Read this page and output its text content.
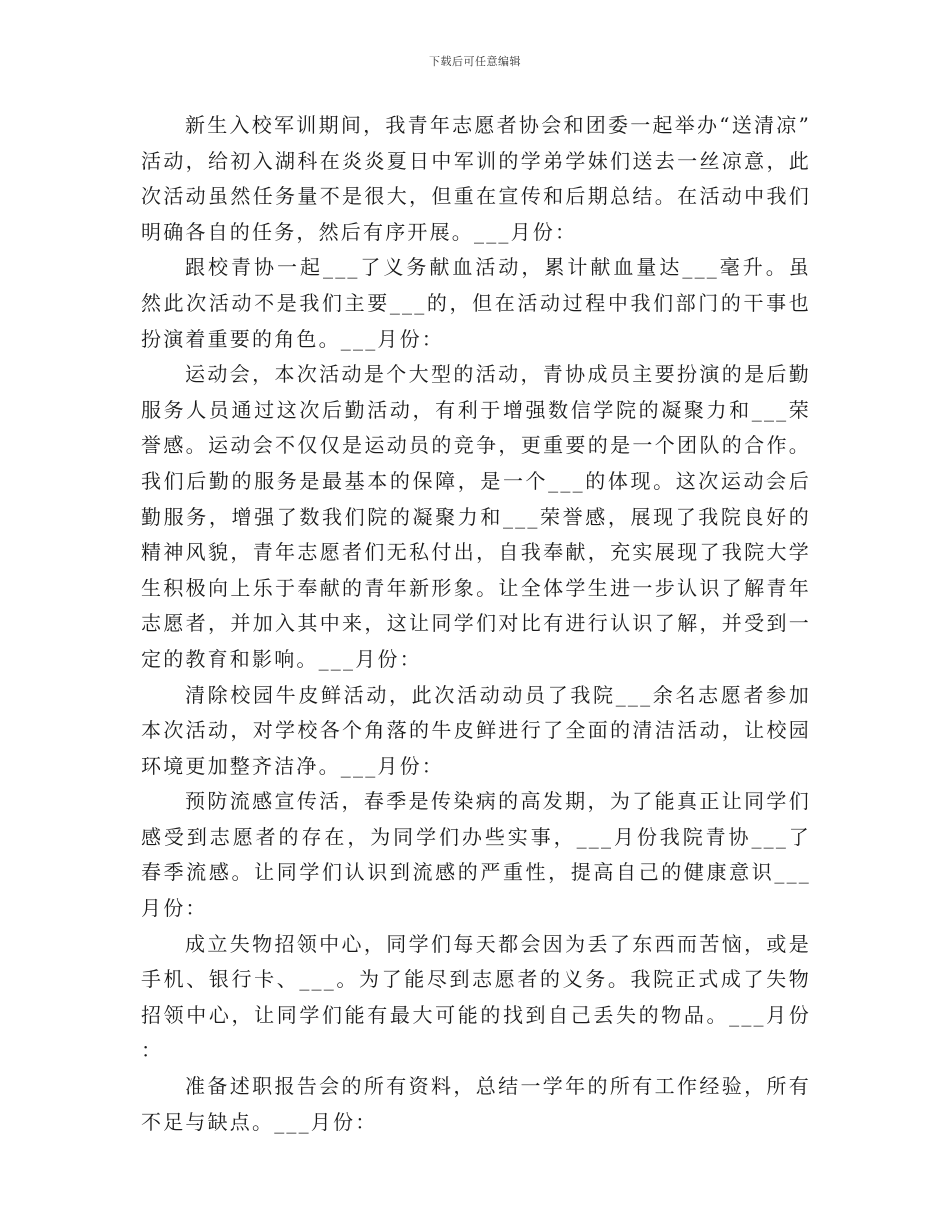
下载后可任意编辑

新生入校军训期间，我青年志愿者协会和团委一起举办“送清凉”活动，给初入湖科在炎炎夏日中军训的学弟学妹们送去一丝凉意，此次活动虽然任务量不是很大，但重在宣传和后期总结。在活动中我们明确各自的任务，然后有序开展。___月份：

跟校青协一起___了义务献血活动，累计献血量达___毫升。虽然此次活动不是我们主要___的，但在活动过程中我们部门的干事也扮演着重要的角色。___月份：

运动会，本次活动是个大型的活动，青协成员主要扮演的是后勤服务人员通过这次后勤活动，有利于增强数信学院的凝聚力和___荣誉感。运动会不仅仅是运动员的竞争，更重要的是一个团队的合作。我们后勤的服务是最基本的保障，是一个___的体现。这次运动会后勤服务，增强了数我们院的凝聚力和___荣誉感，展现了我院良好的精神风貌，青年志愿者们无私付出，自我奉献，充实展现了我院大学生积极向上乐于奉献的青年新形象。让全体学生进一步认识了解青年志愿者，并加入其中来，这让同学们对比有进行认识了解，并受到一定的教育和影响。___月份：

清除校园牛皮鲜活动，此次活动动员了我院___余名志愿者参加本次活动，对学校各个角落的牛皮鲜进行了全面的清洁活动，让校园环境更加整齐洁净。___月份：

预防流感宣传活，春季是传染病的高发期，为了能真正让同学们感受到志愿者的存在，为同学们办些实事，___月份我院青协___了春季流感。让同学们认识到流感的严重性，提高自己的健康意识___月份：

成立失物招领中心，同学们每天都会因为丢了东西而苦恼，或是手机、银行卡、___。为了能尽到志愿者的义务。我院正式成了失物招领中心，让同学们能有最大可能的找到自己丢失的物品。___月份：

准备述职报告会的所有资料，总结一学年的所有工作经验，所有不足与缺点。___月份：
